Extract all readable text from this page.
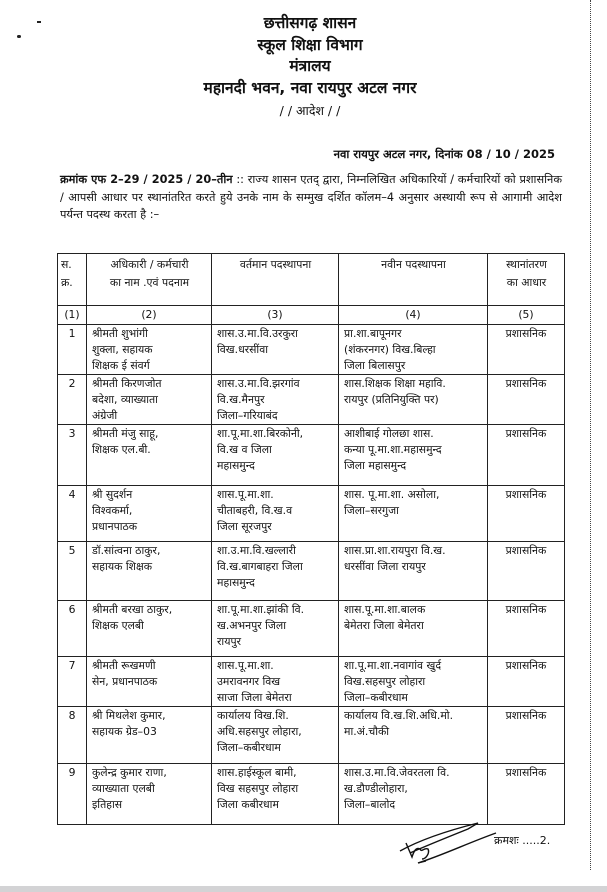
छत्तीसगढ़ शासन
स्कूल शिक्षा विभाग
मंत्रालय
महानदी भवन, नवा रायपुर अटल नगर
/ / आदेश / /
नवा रायपुर अटल नगर, दिनांक 08 / 10 / 2025
क्रमांक एफ 2–29 / 2025 / 20–तीन :: राज्य शासन एतद् द्वारा, निम्नलिखित अधिकारियों / कर्मचारियों को प्रशासनिक / आपसी आधार पर स्थानांतरित करते हुये उनके नाम के सम्मुख दर्शित कॉलम–4 अनुसार अस्थायी रूप से आगामी आदेश पर्यन्त पदस्थ करता है :–
स.
क्र.	अधिकारी / कर्मचारी
का नाम .एवं पदनाम	वर्तमान पदस्थापना	नवीन पदस्थापना	स्थानांतरण
का आधार

(1)	(2)	(3)	(4)	(5)
1	श्रीमती शुभांगी
शुक्ला, सहायक
शिक्षक ई संवर्ग	शास.उ.मा.वि.उरकुरा
विख.धरसींवा	प्रा.शा.बापूनगर
(शंकरनगर) विख.बिल्हा
जिला बिलासपुर	प्रशासनिक
2	श्रीमती किरणजोत
बदेशा, व्याख्याता
अंग्रेजी	शास.उ.मा.वि.झरगांव
वि.ख.मैनपुर
जिला–गरियाबंद	शास.शिक्षक शिक्षा महावि.
रायपुर (प्रतिनियुक्ति पर)	प्रशासनिक
3	श्रीमती मंजु साहू,
शिक्षक एल.बी.	शा.पू.मा.शा.बिरकोनी,
वि.ख व जिला
महासमुन्द	आशीबाई गोलछा शास.
कन्या पू.मा.शा.महासमुन्द
जिला महासमुन्द	प्रशासनिक
4	श्री सुदर्शन
विश्वकर्मा,
प्रधानपाठक	शास.पू.मा.शा.
चीताबहरी, वि.ख.व
जिला सूरजपुर	शास. पू.मा.शा. असोला,
जिला–सरगुजा	प्रशासनिक
5	डॉ.सांत्वना ठाकुर,
सहायक शिक्षक	शा.उ.मा.वि.खल्लारी
वि.ख.बागबाहरा जिला
महासमुन्द	शास.प्रा.शा.रायपुरा वि.ख.
धरसींवा जिला रायपुर	प्रशासनिक
6	श्रीमती बरखा ठाकुर,
शिक्षक एलबी	शा.पू.मा.शा.झांकी वि.
ख.अभनपुर जिला
रायपुर	शास.पू.मा.शा.बालक
बेमेतरा जिला बेमेतरा	प्रशासनिक
7	श्रीमती रूखमणी
सेन, प्रधानपाठक	शास.पू.मा.शा.
उमरावनगर विख
साजा जिला बेमेतरा	शा.पू.मा.शा.नवागांव खुर्द
विख.सहसपुर लोहारा
जिला–कबीरधाम	प्रशासनिक
8	श्री मिथलेश कुमार,
सहायक ग्रेड–03	कार्यालय विख.शि.
अधि.सहसपुर लोहारा,
जिला–कबीरधाम	कार्यालय वि.ख.शि.अधि.मो.
मा.अं.चौकी	प्रशासनिक
9	कुलेन्द्र कुमार राणा,
व्याख्याता एलबी
इतिहास	शास.हाईस्कूल बामी,
विख सहसपुर लोहारा
जिला कबीरधाम	शास.उ.मा.वि.जेवरतला वि.
ख.डौण्डीलोहारा,
जिला–बालोद	प्रशासनिक
क्रमशः .....2.
